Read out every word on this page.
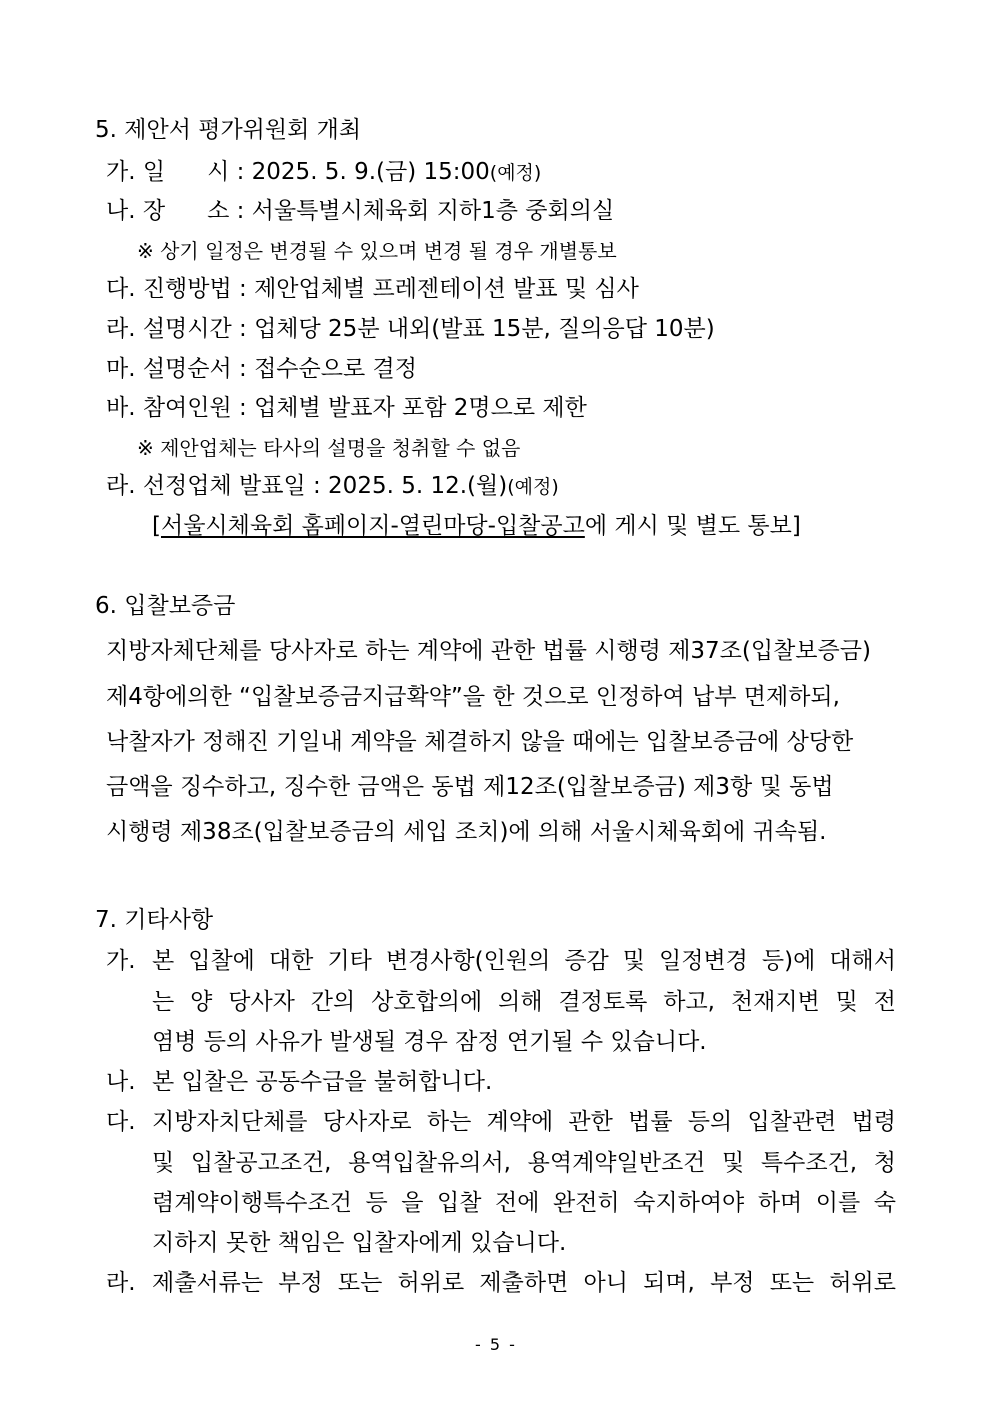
5. 제안서 평가위원회 개최
가. 일 시 : 2025. 5. 9.(금) 15:00(예정)
나. 장 소 : 서울특별시체육회 지하1층 중회의실
※ 상기 일정은 변경될 수 있으며 변경 될 경우 개별통보
다. 진행방법 : 제안업체별 프레젠테이션 발표 및 심사
라. 설명시간 : 업체당 25분 내외(발표 15분, 질의응답 10분)
마. 설명순서 : 접수순으로 결정
바. 참여인원 : 업체별 발표자 포함 2명으로 제한
※ 제안업체는 타사의 설명을 청취할 수 없음
라. 선정업체 발표일 : 2025. 5. 12.(월)(예정)
[서울시체육회 홈페이지-열린마당-입찰공고에 게시 및 별도 통보]
6. 입찰보증금
지방자체단체를 당사자로 하는 계약에 관한 법률 시행령 제37조(입찰보증금)
제4항에의한 “입찰보증금지급확약”을 한 것으로 인정하여 납부 면제하되,
낙찰자가 정해진 기일내 계약을 체결하지 않을 때에는 입찰보증금에 상당한
금액을 징수하고, 징수한 금액은 동법 제12조(입찰보증금) 제3항 및 동법
시행령 제38조(입찰보증금의 세입 조치)에 의해 서울시체육회에 귀속됨.
7. 기타사항
가. 본 입찰에 대한 기타 변경사항(인원의 증감 및 일정변경 등)에 대해서
는 양 당사자 간의 상호합의에 의해 결정토록 하고, 천재지변 및 전
염병 등의 사유가 발생될 경우 잠정 연기될 수 있습니다.
나. 본 입찰은 공동수급을 불허합니다.
다. 지방자치단체를 당사자로 하는 계약에 관한 법률 등의 입찰관련 법령
및 입찰공고조건, 용역입찰유의서, 용역계약일반조건 및 특수조건, 청
렴계약이행특수조건 등 을 입찰 전에 완전히 숙지하여야 하며 이를 숙
지하지 못한 책임은 입찰자에게 있습니다.
라. 제출서류는 부정 또는 허위로 제출하면 아니 되며, 부정 또는 허위로
- 5 -
